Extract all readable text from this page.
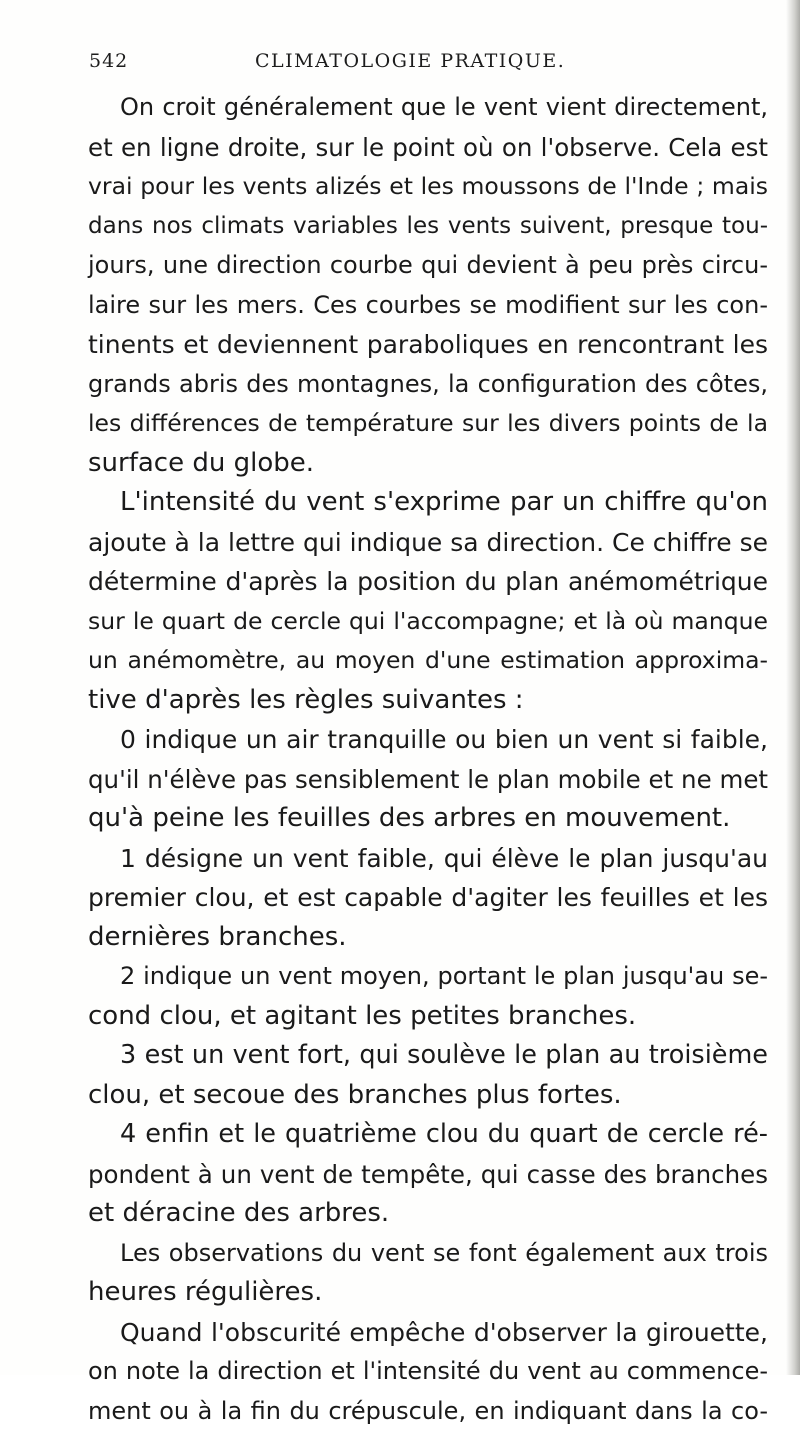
542	CLIMATOLOGIE PRATIQUE.
On croit généralement que le vent vient directement,
et en ligne droite, sur le point où on l'observe. Cela est
vrai pour les vents alizés et les moussons de l'Inde ; mais
dans nos climats variables les vents suivent, presque tou-
jours, une direction courbe qui devient à peu près circu-
laire sur les mers. Ces courbes se modifient sur les con-
tinents et deviennent paraboliques en rencontrant les
grands abris des montagnes, la configuration des côtes,
les différences de température sur les divers points de la
surface du globe.
L'intensité du vent s'exprime par un chiffre qu'on
ajoute à la lettre qui indique sa direction. Ce chiffre se
détermine d'après la position du plan anémométrique
sur le quart de cercle qui l'accompagne; et là où manque
un anémomètre, au moyen d'une estimation approxima-
tive d'après les règles suivantes :
0 indique un air tranquille ou bien un vent si faible,
qu'il n'élève pas sensiblement le plan mobile et ne met
qu'à peine les feuilles des arbres en mouvement.
1 désigne un vent faible, qui élève le plan jusqu'au
premier clou, et est capable d'agiter les feuilles et les
dernières branches.
2 indique un vent moyen, portant le plan jusqu'au se-
cond clou, et agitant les petites branches.
3 est un vent fort, qui soulève le plan au troisième
clou, et secoue des branches plus fortes.
4 enfin et le quatrième clou du quart de cercle ré-
pondent à un vent de tempête, qui casse des branches
et déracine des arbres.
Les observations du vent se font également aux trois
heures régulières.
Quand l'obscurité empêche d'observer la girouette,
on note la direction et l'intensité du vent au commence-
ment ou à la fin du crépuscule, en indiquant dans la co-
